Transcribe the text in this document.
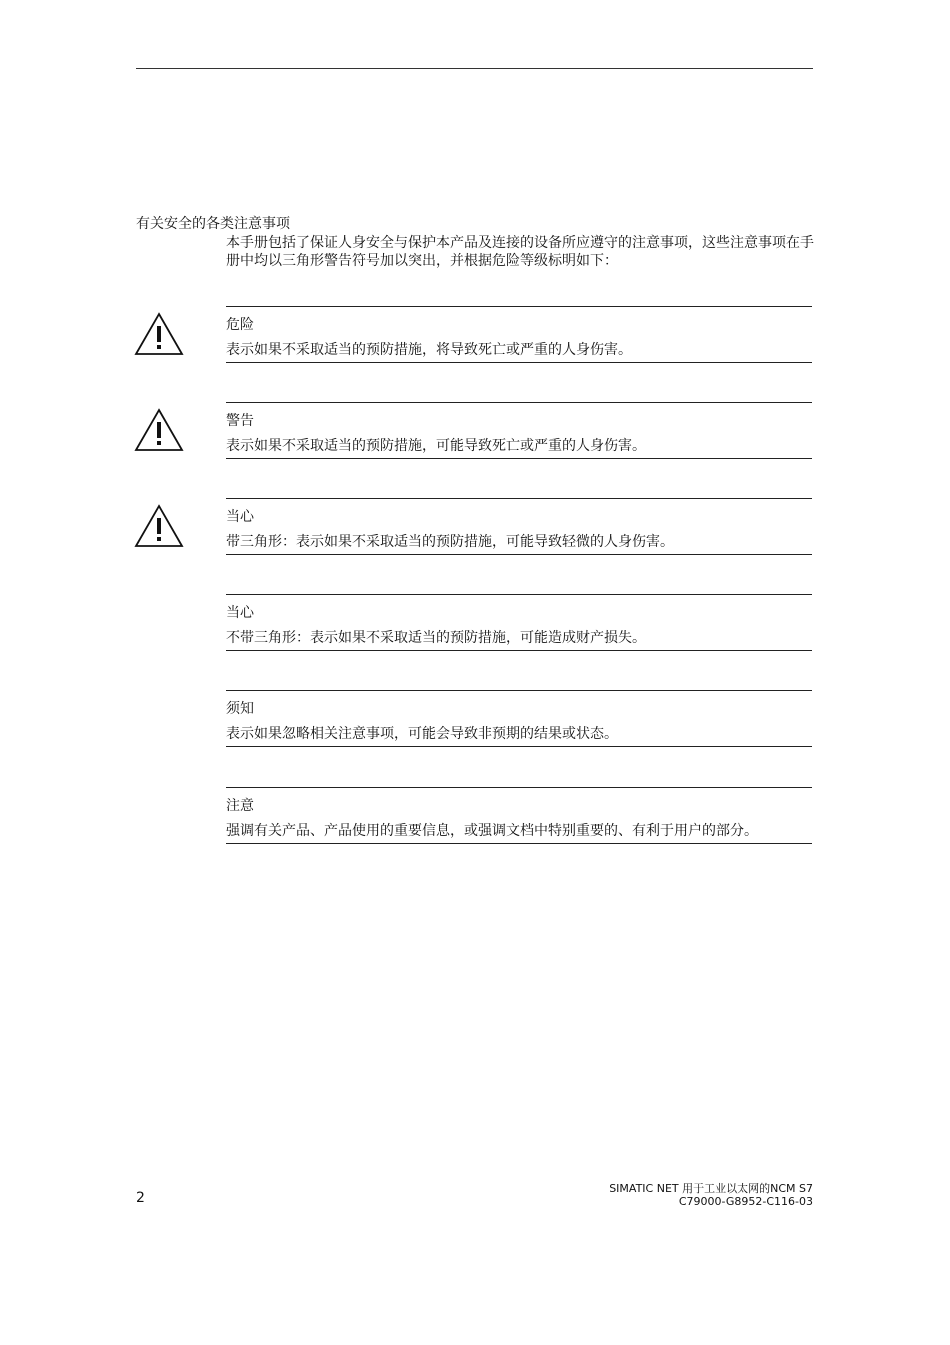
有关安全的各类注意事项
本手册包括了保证人身安全与保护本产品及连接的设备所应遵守的注意事项，这些注意事项在手册中均以三角形警告符号加以突出，并根据危险等级标明如下：
危险
表示如果不采取适当的预防措施，将导致死亡或严重的人身伤害。
警告
表示如果不采取适当的预防措施，可能导致死亡或严重的人身伤害。
当心
带三角形：表示如果不采取适当的预防措施，可能导致轻微的人身伤害。
当心
不带三角形：表示如果不采取适当的预防措施，可能造成财产损失。
须知
表示如果忽略相关注意事项，可能会导致非预期的结果或状态。
注意
强调有关产品、产品使用的重要信息，或强调文档中特别重要的、有利于用户的部分。
2
SIMATIC NET 用于工业以太网的NCM S7
C79000-G8952-C116-03
